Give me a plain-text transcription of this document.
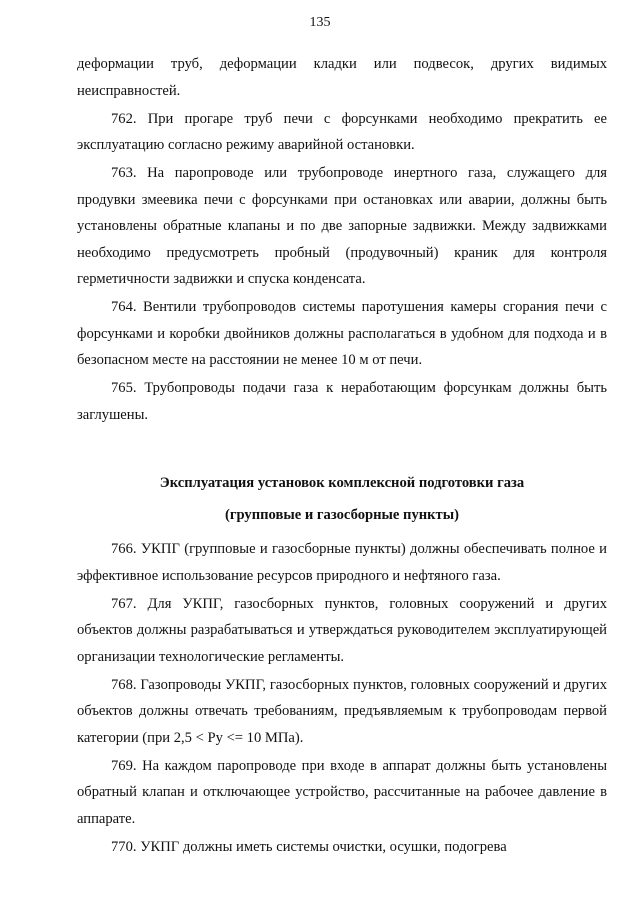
135

деформации труб, деформации кладки или подвесок, других видимых неисправностей.

762. При прогаре труб печи с форсунками необходимо прекратить ее эксплуатацию согласно режиму аварийной остановки.

763. На паропроводе или трубопроводе инертного газа, служащего для продувки змеевика печи с форсунками при остановках или аварии, должны быть установлены обратные клапаны и по две запорные задвижки. Между задвижками необходимо предусмотреть пробный (продувочный) краник для контроля герметичности задвижки и спуска конденсата.

764. Вентили трубопроводов системы паротушения камеры сгорания печи с форсунками и коробки двойников должны располагаться в удобном для подхода и в безопасном месте на расстоянии не менее 10 м от печи.

765. Трубопроводы подачи газа к неработающим форсункам должны быть заглушены.

Эксплуатация установок комплексной подготовки газа
(групповые и газосборные пункты)

766. УКПГ (групповые и газосборные пункты) должны обеспечивать полное и эффективное использование ресурсов природного и нефтяного газа.

767. Для УКПГ, газосборных пунктов, головных сооружений и других объектов должны разрабатываться и утверждаться руководителем эксплуатирующей организации технологические регламенты.

768. Газопроводы УКПГ, газосборных пунктов, головных сооружений и других объектов должны отвечать требованиям, предъявляемым к трубопроводам первой категории (при 2,5 < Ру <= 10 МПа).

769. На каждом паропроводе при входе в аппарат должны быть установлены обратный клапан и отключающее устройство, рассчитанные на рабочее давление в аппарате.

770. УКПГ должны иметь системы очистки, осушки, подогрева
